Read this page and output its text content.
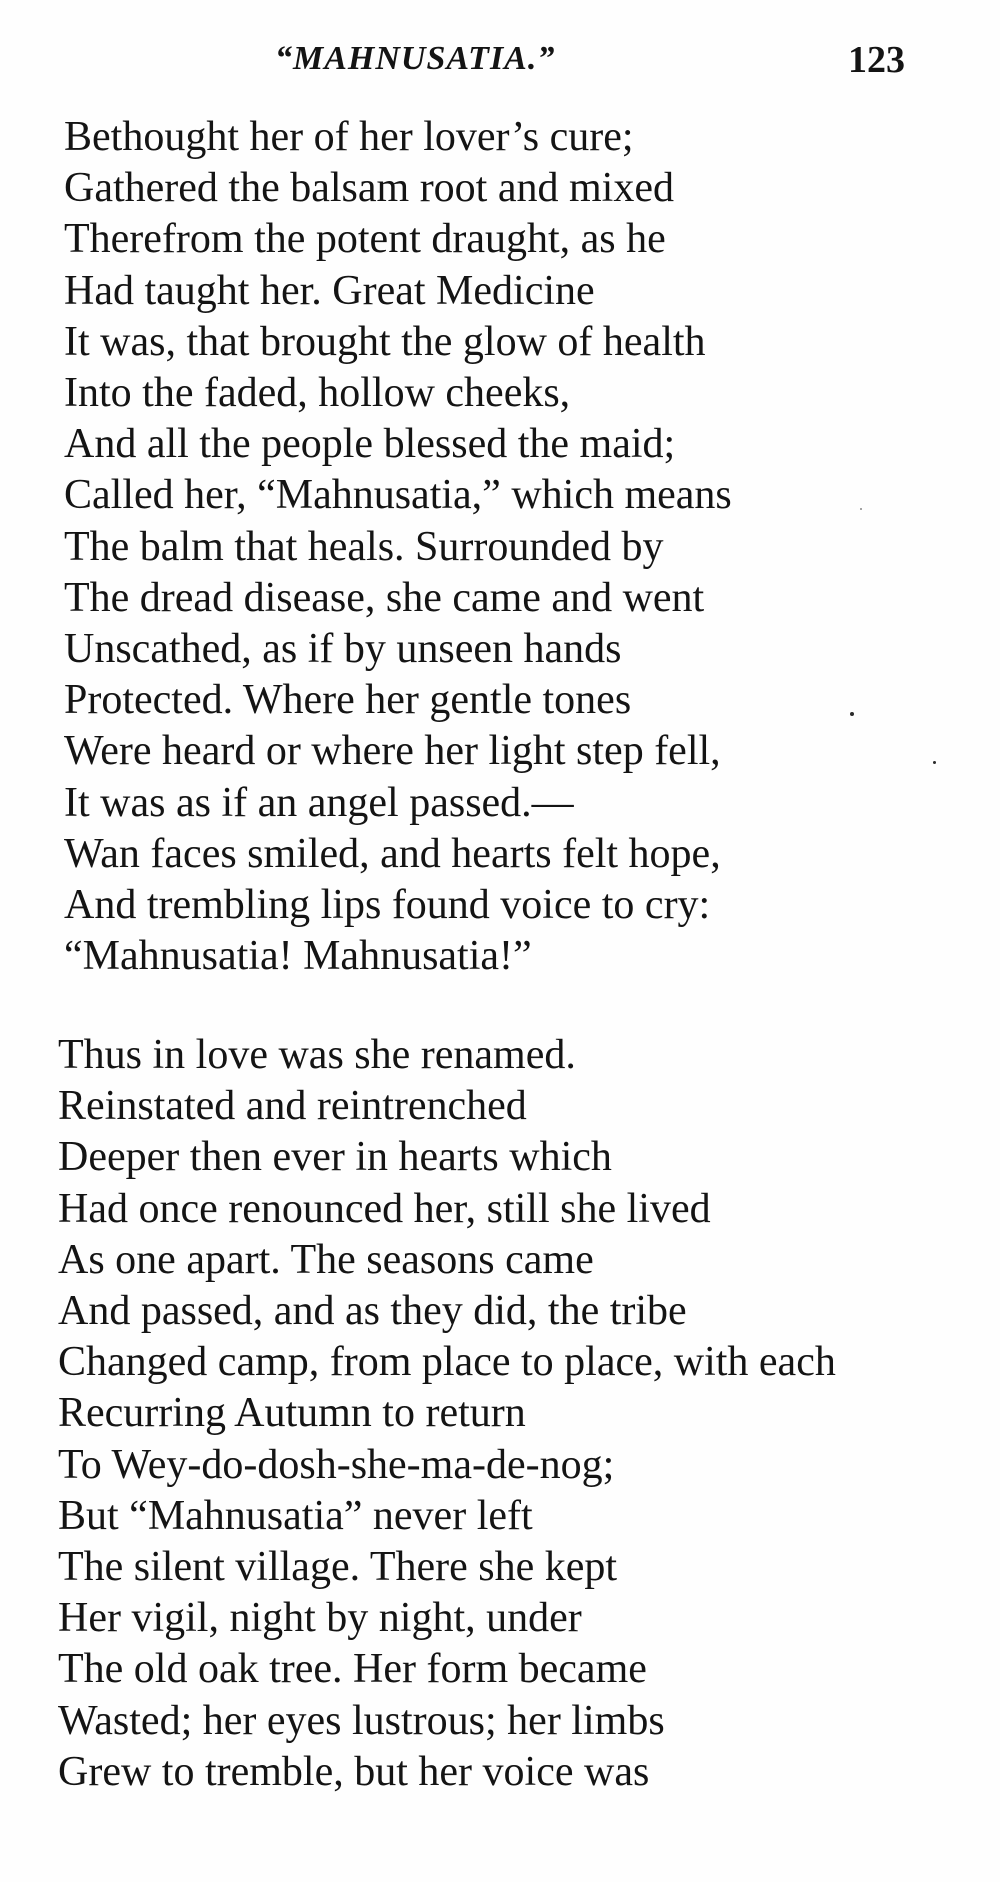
“MAHNUSATIA.”	123
Bethought her of her lover’s cure;
Gathered the balsam root and mixed
Therefrom the potent draught, as he
Had taught her. Great Medicine
It was, that brought the glow of health
Into the faded, hollow cheeks,
And all the people blessed the maid;
Called her, “Mahnusatia,” which means
The balm that heals. Surrounded by
The dread disease, she came and went
Unscathed, as if by unseen hands
Protected. Where her gentle tones
Were heard or where her light step fell,
It was as if an angel passed.—
Wan faces smiled, and hearts felt hope,
And trembling lips found voice to cry:
“Mahnusatia! Mahnusatia!”
Thus in love was she renamed.
Reinstated and reintrenched
Deeper then ever in hearts which
Had once renounced her, still she lived
As one apart. The seasons came
And passed, and as they did, the tribe
Changed camp, from place to place, with each
Recurring Autumn to return
To Wey-do-dosh-she-ma-de-nog;
But “Mahnusatia” never left
The silent village. There she kept
Her vigil, night by night, under
The old oak tree. Her form became
Wasted; her eyes lustrous; her limbs
Grew to tremble, but her voice was
